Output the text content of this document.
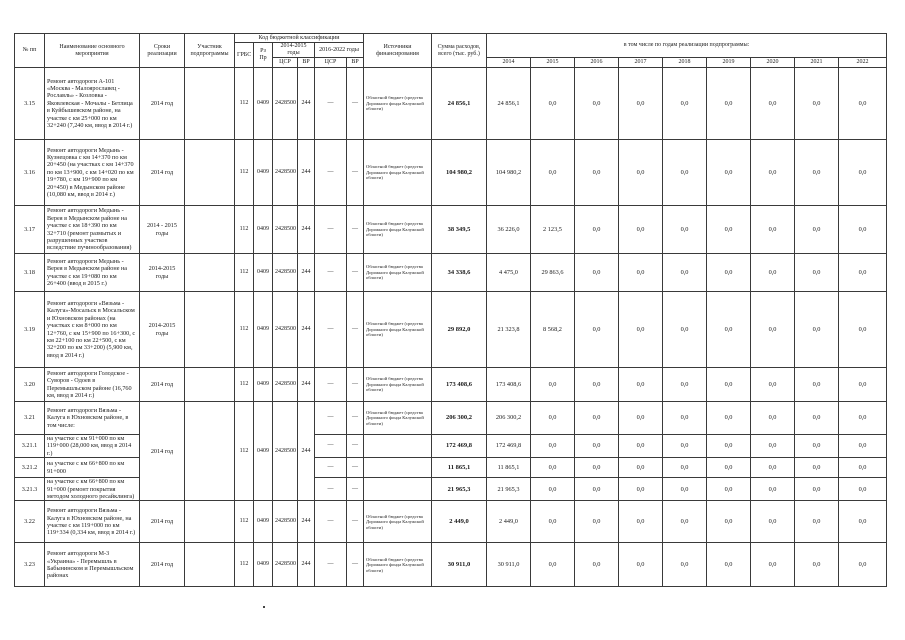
№ пп	Наименование основного мероприятия	Сроки реализации	Участник подпрограммы	Код бюджетной классификации						Источники финансирования	Сумма расходов, всего (тыс. руб.)	в том числе по годам реализации подпрограммы:								
				ГРБС	Рз Пр	2014-2015 годы		2016-2022 годы												

						ЦСР	ВР	ЦСР	ВР			2014	2015	2016	2017	2018	2019	2020	2021	2022
3.15	Ремонт автодороги А-101 «Москва - Малоярославец - Рославль» - Козловка - Яковлевская - Мочалы - Бетлица в Куйбышевском районе, на участке с км 25+000 по км 32+240 (7,240 км, ввод в 2014 г.)	2014 год		112	0409	2428500	244	—	—	Областной бюджет (средства Дорожного фонда Калужской области)	24 856,1	24 856,1	0,0	0,0	0,0	0,0	0,0	0,0	0,0	0,0
3.16	Ремонт автодороги Медынь - Кузнецовка с км 14+370 по км 20+450 (на участках с км 14+370 по км 13+900, с км 14+020 по км 19+780, с км 19+900 по км 20+450) в Медынском районе (10,080 км, ввод в 2014 г.)	2014 год		112	0409	2428500	244	—	—	Областной бюджет (средства Дорожного фонда Калужской области)	104 980,2	104 980,2	0,0	0,0	0,0	0,0	0,0	0,0	0,0	0,0
3.17	Ремонт автодороги Медынь - Верея в Медынском районе на участке с км 18+390 по км 32+710 (ремонт размытых и разрушенных участков вследствие пучинообразования)	2014 - 2015 годы		112	0409	2428500	244	—	—	Областной бюджет (средства Дорожного фонда Калужской области)	38 349,5	36 226,0	2 123,5	0,0	0,0	0,0	0,0	0,0	0,0	0,0
3.18	Ремонт автодороги Медынь - Верея в Медынском районе на участке с км 19+080 по км 26+400 (ввод в 2015 г.)	2014-2015 годы		112	0409	2428500	244	—	—	Областной бюджет (средства Дорожного фонда Калужской области)	34 338,6	4 475,0	29 863,6	0,0	0,0	0,0	0,0	0,0	0,0	0,0
3.19	Ремонт автодороги «Вязьма - Калуга»-Мосальск в Мосальском и Юхновском районах (на участках с км 8+000 по км 12+760, с км 15+900 по 16+300, с км 22+100 по км 22+500, с км 32+200 по км 33+200) (5,900 км, ввод в 2014 г.)	2014-2015 годы		112	0409	2428500	244	—	—	Областной бюджет (средства Дорожного фонда Калужской области)	29 892,0	21 323,8	8 568,2	0,0	0,0	0,0	0,0	0,0	0,0	0,0
3.20	Ремонт автодороги Голодское - Суворов - Одоев в Перемышльском районе (16,760 км, ввод в 2014 г.)	2014 год		112	0409	2428500	244	—	—	Областной бюджет (средства Дорожного фонда Калужской области)	173 408,6	173 408,6	0,0	0,0	0,0	0,0	0,0	0,0	0,0	0,0
3.21	Ремонт автодороги Вязьма - Калуга в Юхновском районе, в том числе:	2014 год		112	0409	2428500	244	—	—	Областной бюджет (средства Дорожного фонда Калужской области)	206 300,2	206 300,2	0,0	0,0	0,0	0,0	0,0	0,0	0,0	0,0
3.21.1	на участке с км 91+000 по км 119+000 (28,000 км, ввод в 2014 г.)							—	—		172 469,8	172 469,8	0,0	0,0	0,0	0,0	0,0	0,0	0,0	0,0
3.21.2	на участке с км 66+800 по км 91+000							—	—		11 865,1	11 865,1	0,0	0,0	0,0	0,0	0,0	0,0	0,0	0,0
3.21.3	на участке с км 66+800 по км 91+000 (ремонт покрытия методом холодного ресайклинга)							—	—		21 965,3	21 965,3	0,0	0,0	0,0	0,0	0,0	0,0	0,0	0,0
3.22	Ремонт автодороги Вязьма - Калуга в Юхновском районе, на участке с км 119+000 по км 119+334 (0,334 км, ввод в 2014 г.)	2014 год		112	0409	2428500	244	—	—	Областной бюджет (средства Дорожного фонда Калужской области)	2 449,0	2 449,0	0,0	0,0	0,0	0,0	0,0	0,0	0,0	0,0
3.23	Ремонт автодороги М-3 «Украина» - Перемышль в Бабынинском и Перемышльском районах	2014 год		112	0409	2428500	244	—	—	Областной бюджет (средства Дорожного фонда Калужской области)	30 911,0	30 911,0	0,0	0,0	0,0	0,0	0,0	0,0	0,0	0,0
